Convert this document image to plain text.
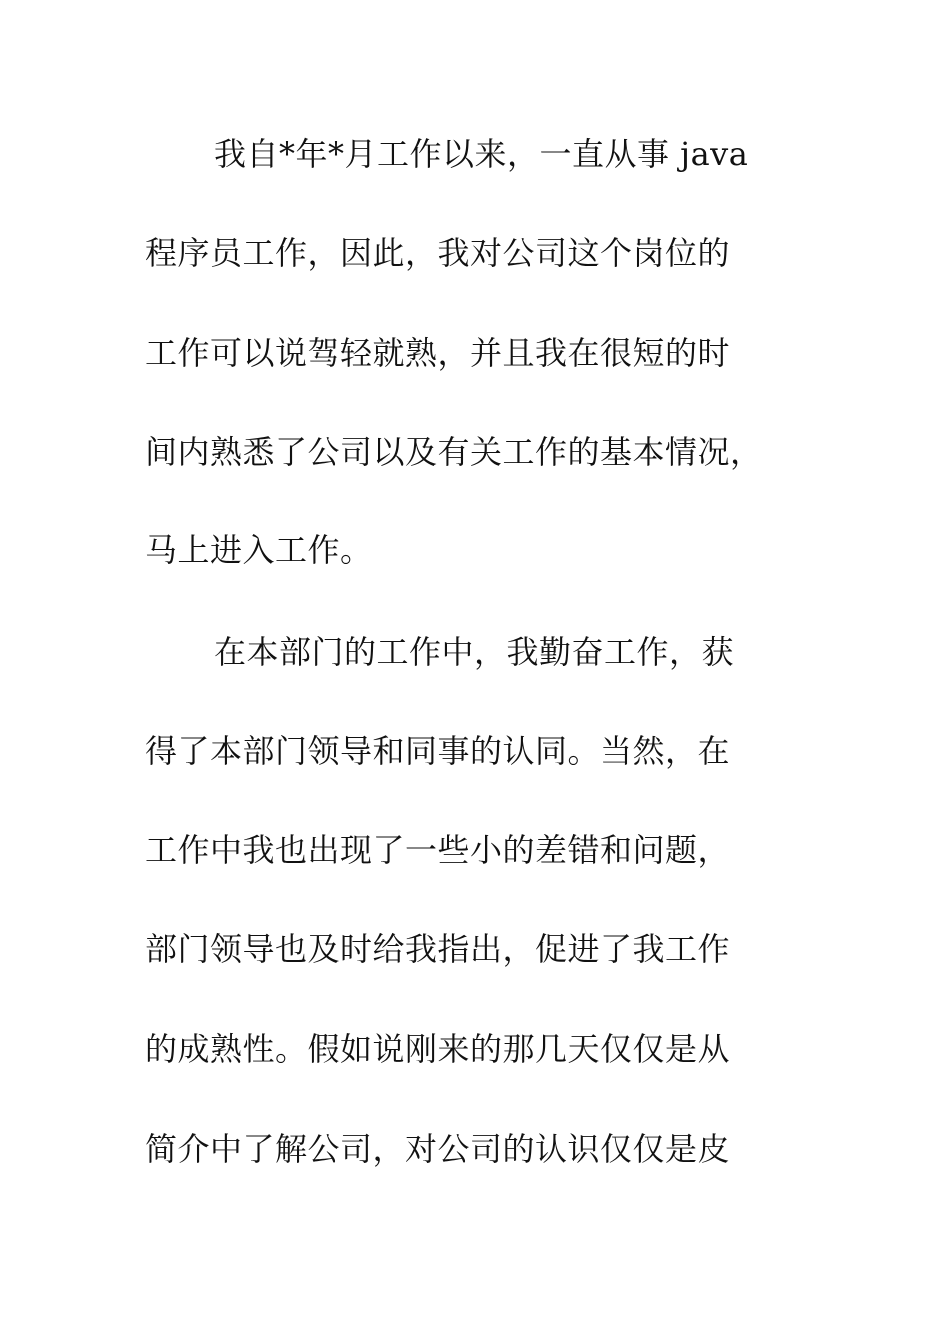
我自*年*月工作以来，一直从事 java
程序员工作，因此，我对公司这个岗位的
工作可以说驾轻就熟，并且我在很短的时
间内熟悉了公司以及有关工作的基本情况，
马上进入工作。
在本部门的工作中，我勤奋工作，获
得了本部门领导和同事的认同。当然，在
工作中我也出现了一些小的差错和问题，
部门领导也及时给我指出，促进了我工作
的成熟性。假如说刚来的那几天仅仅是从
简介中了解公司，对公司的认识仅仅是皮
